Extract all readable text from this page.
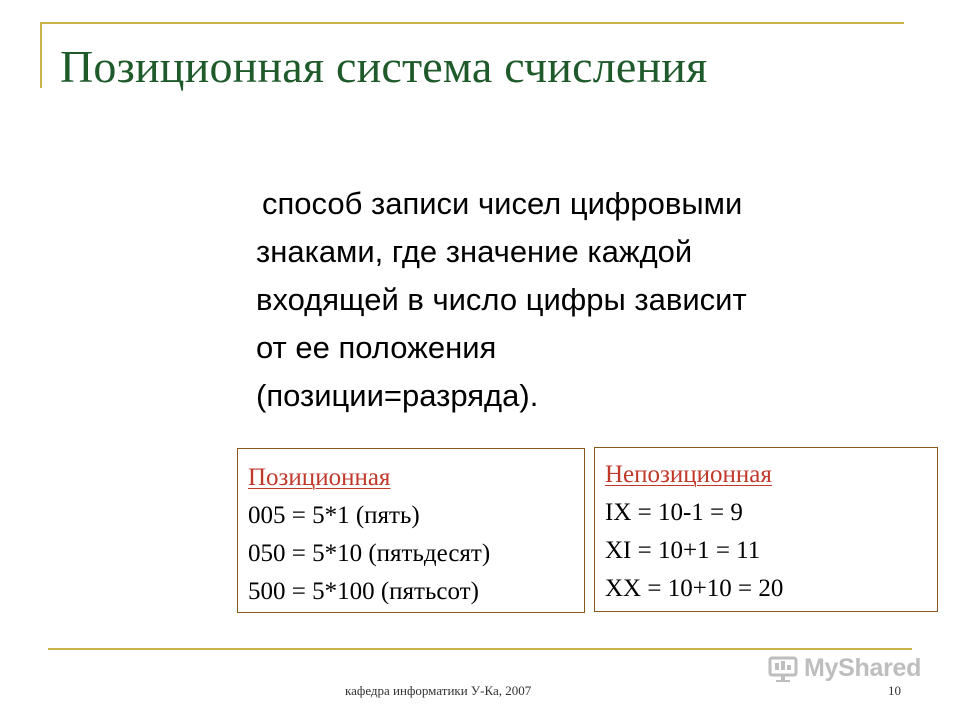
Позиционная система счисления
способ записи чисел цифровыми
знаками, где значение каждой
входящей в число цифры зависит
от ее положения
(позиции=разряда).
Позиционная
005 = 5*1 (пять)
050 = 5*10 (пятьдесят)
500 = 5*100 (пятьсот)
Непозиционная
IX = 10-1 = 9
XI = 10+1 = 11
XX = 10+10 = 20
MyShared
кафедра информатики У-Ка, 2007	10
